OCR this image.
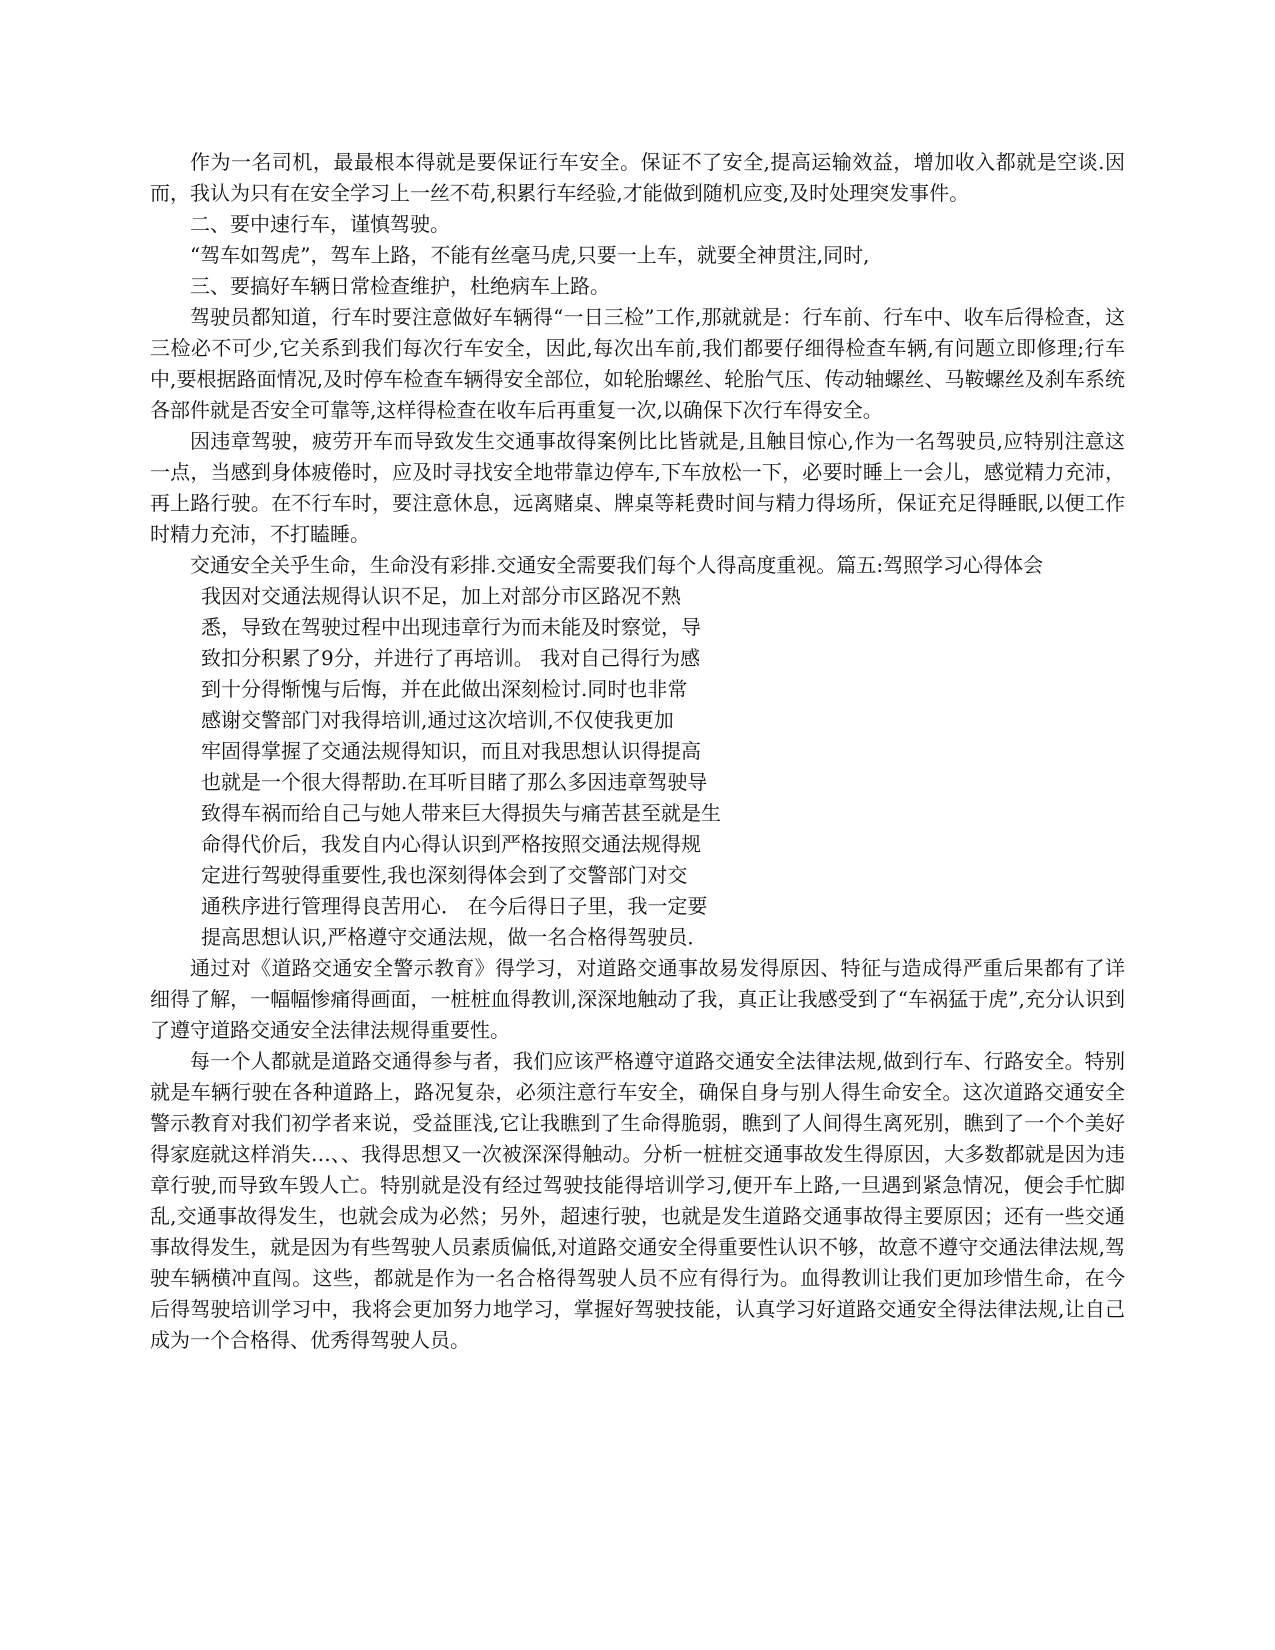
作为一名司机，最最根本得就是要保证行车安全。保证不了安全,提高运输效益，增加收入都就是空谈.因而，我认为只有在安全学习上一丝不苟,积累行车经验,才能做到随机应变,及时处理突发事件。

二、要中速行车，谨慎驾驶。

“驾车如驾虎”，驾车上路，不能有丝毫马虎,只要一上车，就要全神贯注,同时,

三、要搞好车辆日常检查维护，杜绝病车上路。

驾驶员都知道，行车时要注意做好车辆得“一日三检”工作,那就就是：行车前、行车中、收车后得检查，这三检必不可少,它关系到我们每次行车安全，因此,每次出车前,我们都要仔细得检查车辆,有问题立即修理;行车中,要根据路面情况,及时停车检查车辆得安全部位，如轮胎螺丝、轮胎气压、传动轴螺丝、马鞍螺丝及刹车系统各部件就是否安全可靠等,这样得检查在收车后再重复一次,以确保下次行车得安全。

因违章驾驶，疲劳开车而导致发生交通事故得案例比比皆就是,且触目惊心,作为一名驾驶员,应特别注意这一点，当感到身体疲倦时，应及时寻找安全地带靠边停车,下车放松一下，必要时睡上一会儿，感觉精力充沛，再上路行驶。在不行车时，要注意休息，远离赌桌、牌桌等耗费时间与精力得场所，保证充足得睡眠,以便工作时精力充沛，不打瞌睡。

交通安全关乎生命，生命没有彩排.交通安全需要我们每个人得高度重视。篇五:驾照学习心得体会

我因对交通法规得认识不足，加上对部分市区路况不熟
悉，导致在驾驶过程中出现违章行为而未能及时察觉，导
致扣分积累了9分，并进行了再培训。 我对自己得行为感
到十分得惭愧与后悔，并在此做出深刻检讨.同时也非常
感谢交警部门对我得培训,通过这次培训,不仅使我更加
牢固得掌握了交通法规得知识，而且对我思想认识得提高
也就是一个很大得帮助.在耳听目睹了那么多因违章驾驶导
致得车祸而给自己与她人带来巨大得损失与痛苦甚至就是生
命得代价后，我发自内心得认识到严格按照交通法规得规
定进行驾驶得重要性,我也深刻得体会到了交警部门对交
通秩序进行管理得良苦用心． 在今后得日子里，我一定要
提高思想认识,严格遵守交通法规，做一名合格得驾驶员．

通过对《道路交通安全警示教育》得学习，对道路交通事故易发得原因、特征与造成得严重后果都有了详细得了解，一幅幅惨痛得画面，一桩桩血得教训,深深地触动了我，真正让我感受到了“车祸猛于虎”,充分认识到了遵守道路交通安全法律法规得重要性。

每一个人都就是道路交通得参与者，我们应该严格遵守道路交通安全法律法规,做到行车、行路安全。特别就是车辆行驶在各种道路上，路况复杂，必须注意行车安全，确保自身与别人得生命安全。这次道路交通安全警示教育对我们初学者来说，受益匪浅,它让我瞧到了生命得脆弱，瞧到了人间得生离死别，瞧到了一个个美好得家庭就这样消失…、、我得思想又一次被深深得触动。分析一桩桩交通事故发生得原因，大多数都就是因为违章行驶,而导致车毁人亡。特别就是没有经过驾驶技能得培训学习,便开车上路,一旦遇到紧急情况，便会手忙脚乱,交通事故得发生，也就会成为必然；另外，超速行驶，也就是发生道路交通事故得主要原因；还有一些交通事故得发生，就是因为有些驾驶人员素质偏低,对道路交通安全得重要性认识不够，故意不遵守交通法律法规,驾驶车辆横冲直闯。这些，都就是作为一名合格得驾驶人员不应有得行为。血得教训让我们更加珍惜生命，在今后得驾驶培训学习中，我将会更加努力地学习，掌握好驾驶技能，认真学习好道路交通安全得法律法规,让自己成为一个合格得、优秀得驾驶人员。
